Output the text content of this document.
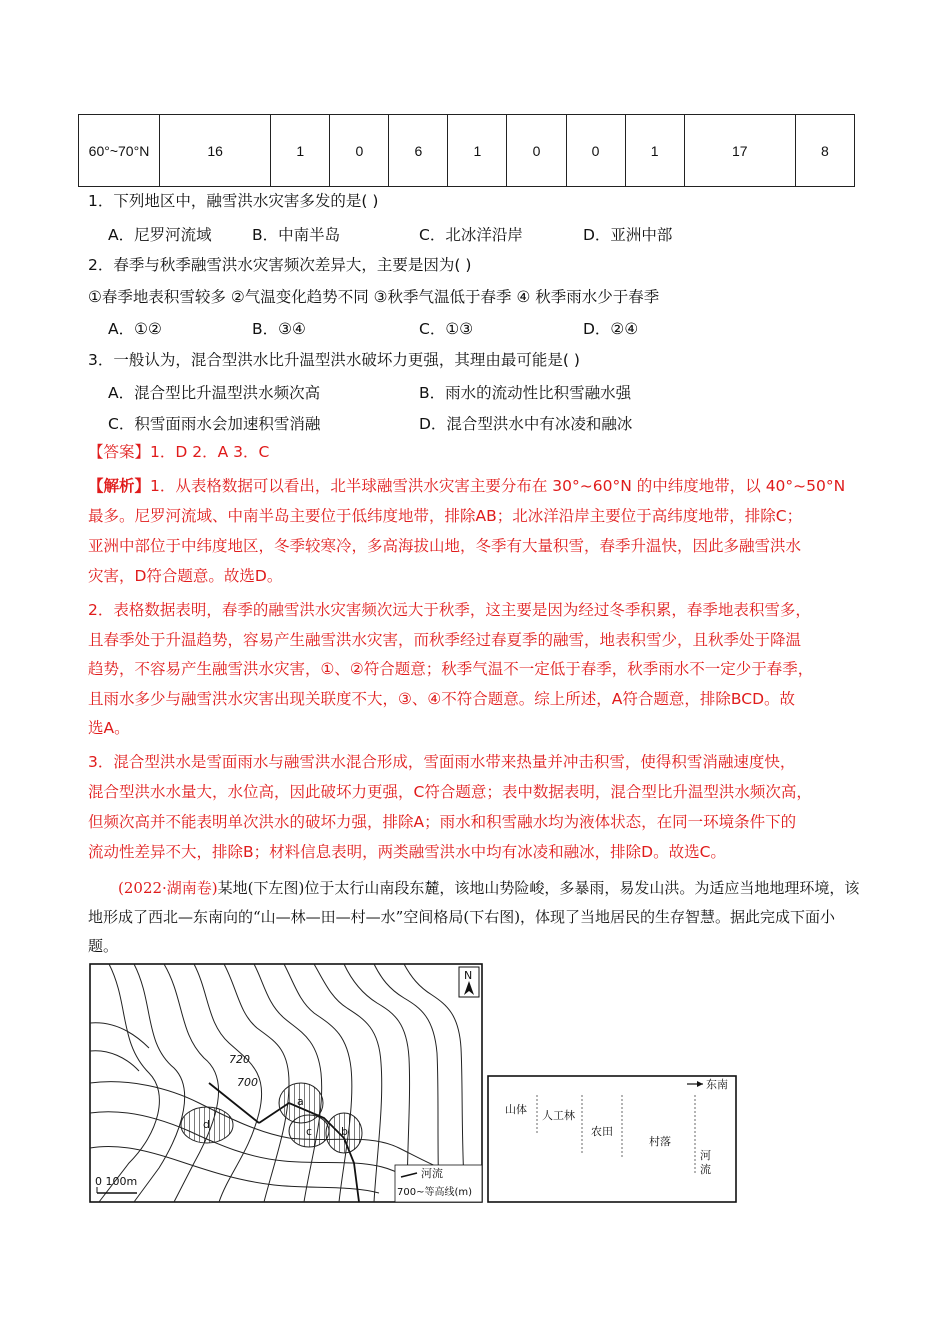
60°~70°N	16	1	0	6	1	0	0	1	17	8
1．下列地区中，融雪洪水灾害多发的是( )
A．尼罗河流域	B．中南半岛	C．北冰洋沿岸	D．亚洲中部
2．春季与秋季融雪洪水灾害频次差异大，主要是因为( )
①春季地表积雪较多 ②气温变化趋势不同 ③秋季气温低于春季 ④ 秋季雨水少于春季
A．①②	B．③④	C．①③	D．②④
3．一般认为，混合型洪水比升温型洪水破坏力更强，其理由最可能是( )
A．混合型比升温型洪水频次高	B．雨水的流动性比积雪融水强
C．积雪面雨水会加速积雪消融	D．混合型洪水中有冰凌和融冰
【答案】1．D 2．A 3．C
【解析】1．从表格数据可以看出，北半球融雪洪水灾害主要分布在 30°~60°N 的中纬度地带，以 40°~50°N
最多。尼罗河流域、中南半岛主要位于低纬度地带，排除AB；北冰洋沿岸主要位于高纬度地带，排除C；
亚洲中部位于中纬度地区，冬季较寒冷，多高海拔山地，冬季有大量积雪，春季升温快，因此多融雪洪水
灾害，D符合题意。故选D。
2．表格数据表明，春季的融雪洪水灾害频次远大于秋季，这主要是因为经过冬季积累，春季地表积雪多，
且春季处于升温趋势，容易产生融雪洪水灾害，而秋季经过春夏季的融雪，地表积雪少，且秋季处于降温
趋势，不容易产生融雪洪水灾害，①、②符合题意；秋季气温不一定低于春季，秋季雨水不一定少于春季，
且雨水多少与融雪洪水灾害出现关联度不大，③、④不符合题意。综上所述，A符合题意，排除BCD。故
选A。
3．混合型洪水是雪面雨水与融雪洪水混合形成，雪面雨水带来热量并冲击积雪，使得积雪消融速度快，
混合型洪水水量大，水位高，因此破坏力更强，C符合题意；表中数据表明，混合型比升温型洪水频次高，
但频次高并不能表明单次洪水的破坏力强，排除A；雨水和积雪融水均为液体状态，在同一环境条件下的
流动性差异不大，排除B；材料信息表明，两类融雪洪水中均有冰凌和融冰，排除D。故选C。
(2022·湖南卷)某地(下左图)位于太行山南段东麓，该地山势险峻，多暴雨，易发山洪。为适应当地地理环境，该地形成了西北—东南向的“山—林—田—村—水”空间格局(下右图)，体现了当地居民的生存智慧。据此完成下面小题。
a
b
c
d
720
700
N
0 100m
河流
700~等高线(m)
东南
山体 人工林
农田
村落
河
流
